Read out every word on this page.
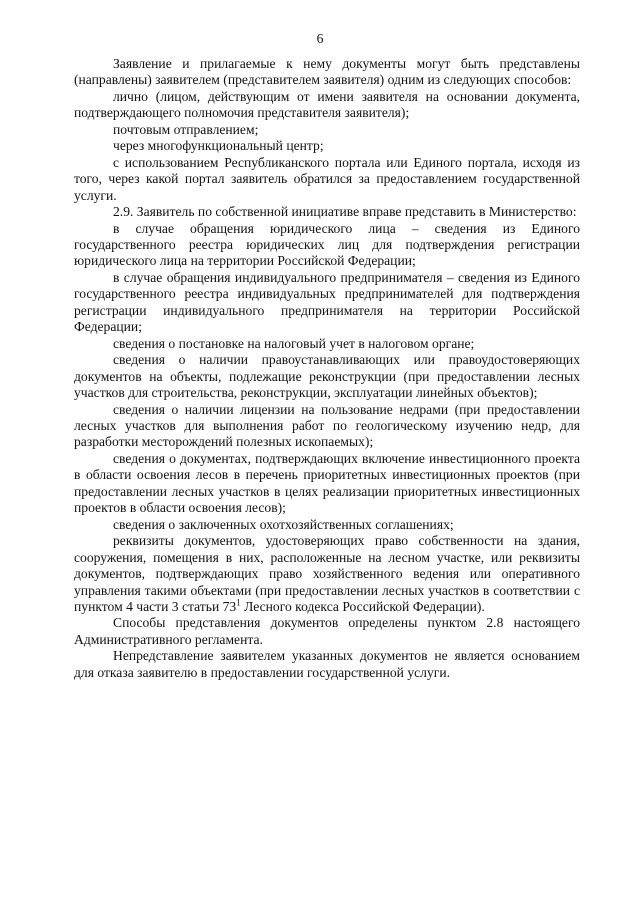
6

Заявление и прилагаемые к нему документы могут быть представлены (направлены) заявителем (представителем заявителя) одним из следующих способов:

лично (лицом, действующим от имени заявителя на основании документа, подтверждающего полномочия представителя заявителя);

почтовым отправлением;

через многофункциональный центр;

с использованием Республиканского портала или Единого портала, исходя из того, через какой портал заявитель обратился за предоставлением государственной услуги.

2.9. Заявитель по собственной инициативе вправе представить в Министерство:

в случае обращения юридического лица – сведения из Единого государственного реестра юридических лиц для подтверждения регистрации юридического лица на территории Российской Федерации;

в случае обращения индивидуального предпринимателя – сведения из Единого государственного реестра индивидуальных предпринимателей для подтверждения регистрации индивидуального предпринимателя на территории Российской Федерации;

сведения о постановке на налоговый учет в налоговом органе;

сведения о наличии правоустанавливающих или правоудостоверяющих документов на объекты, подлежащие реконструкции (при предоставлении лесных участков для строительства, реконструкции, эксплуатации линейных объектов);

сведения о наличии лицензии на пользование недрами (при предоставлении лесных участков для выполнения работ по геологическому изучению недр, для разработки месторождений полезных ископаемых);

сведения о документах, подтверждающих включение инвестиционного проекта в области освоения лесов в перечень приоритетных инвестиционных проектов (при предоставлении лесных участков в целях реализации приоритетных инвестиционных проектов в области освоения лесов);

сведения о заключенных охотхозяйственных соглашениях;

реквизиты документов, удостоверяющих право собственности на здания, сооружения, помещения в них, расположенные на лесном участке, или реквизиты документов, подтверждающих право хозяйственного ведения или оперативного управления такими объектами (при предоставлении лесных участков в соответствии с пунктом 4 части 3 статьи $73^1$ Лесного кодекса Российской Федерации).

Способы представления документов определены пунктом 2.8 настоящего Административного регламента.

Непредставление заявителем указанных документов не является основанием для отказа заявителю в предоставлении государственной услуги.
